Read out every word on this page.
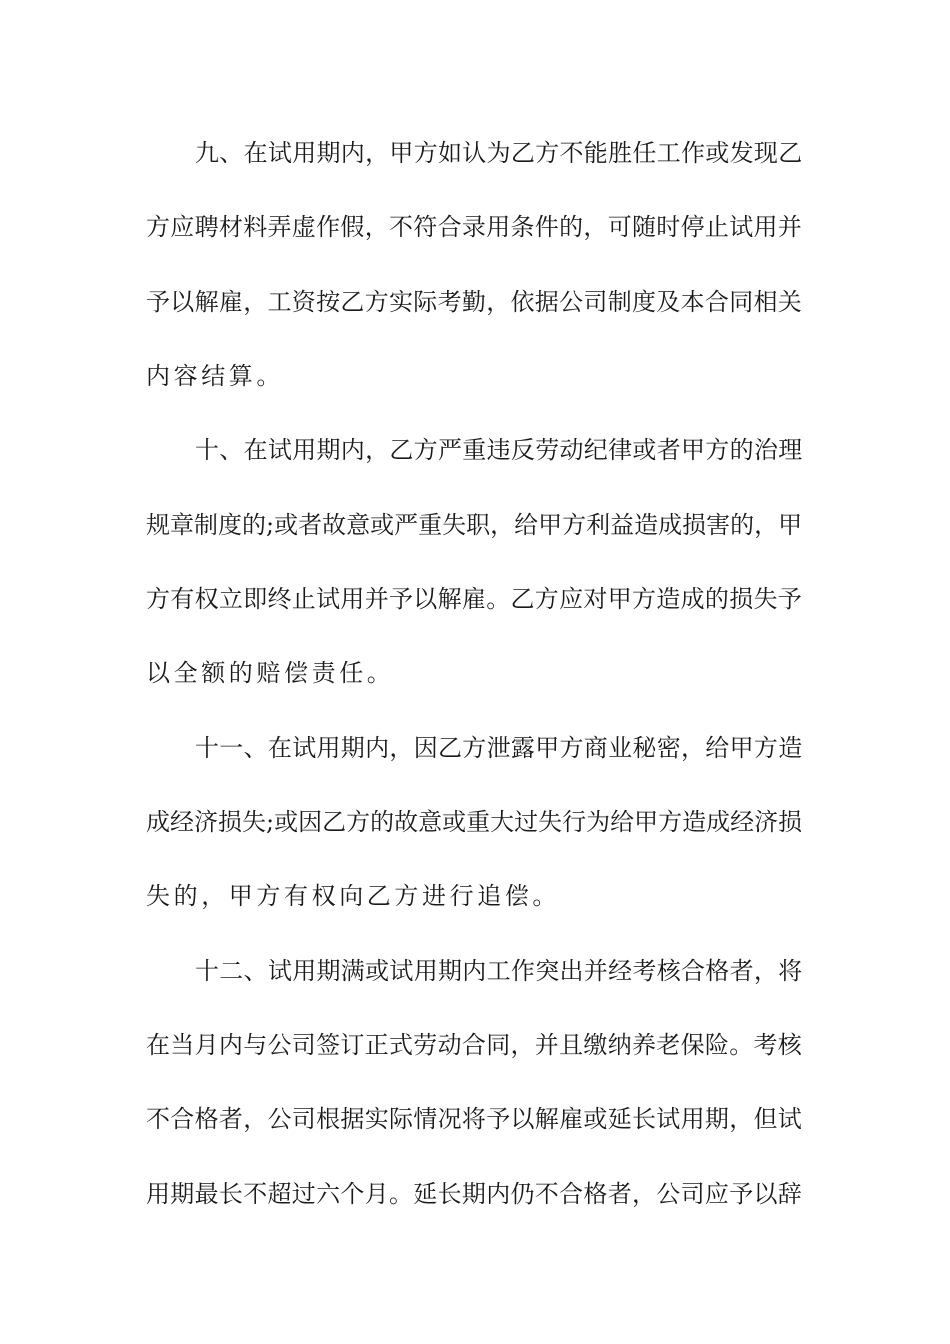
九、在试用期内，甲方如认为乙方不能胜任工作或发现乙
方应聘材料弄虚作假，不符合录用条件的，可随时停止试用并
予以解雇，工资按乙方实际考勤，依据公司制度及本合同相关
内容结算。
十、在试用期内，乙方严重违反劳动纪律或者甲方的治理
规章制度的;或者故意或严重失职，给甲方利益造成损害的，甲
方有权立即终止试用并予以解雇。乙方应对甲方造成的损失予
以全额的赔偿责任。
十一、在试用期内，因乙方泄露甲方商业秘密，给甲方造
成经济损失;或因乙方的故意或重大过失行为给甲方造成经济损
失的，甲方有权向乙方进行追偿。
十二、试用期满或试用期内工作突出并经考核合格者，将
在当月内与公司签订正式劳动合同，并且缴纳养老保险。考核
不合格者，公司根据实际情况将予以解雇或延长试用期，但试
用期最长不超过六个月。延长期内仍不合格者，公司应予以辞
